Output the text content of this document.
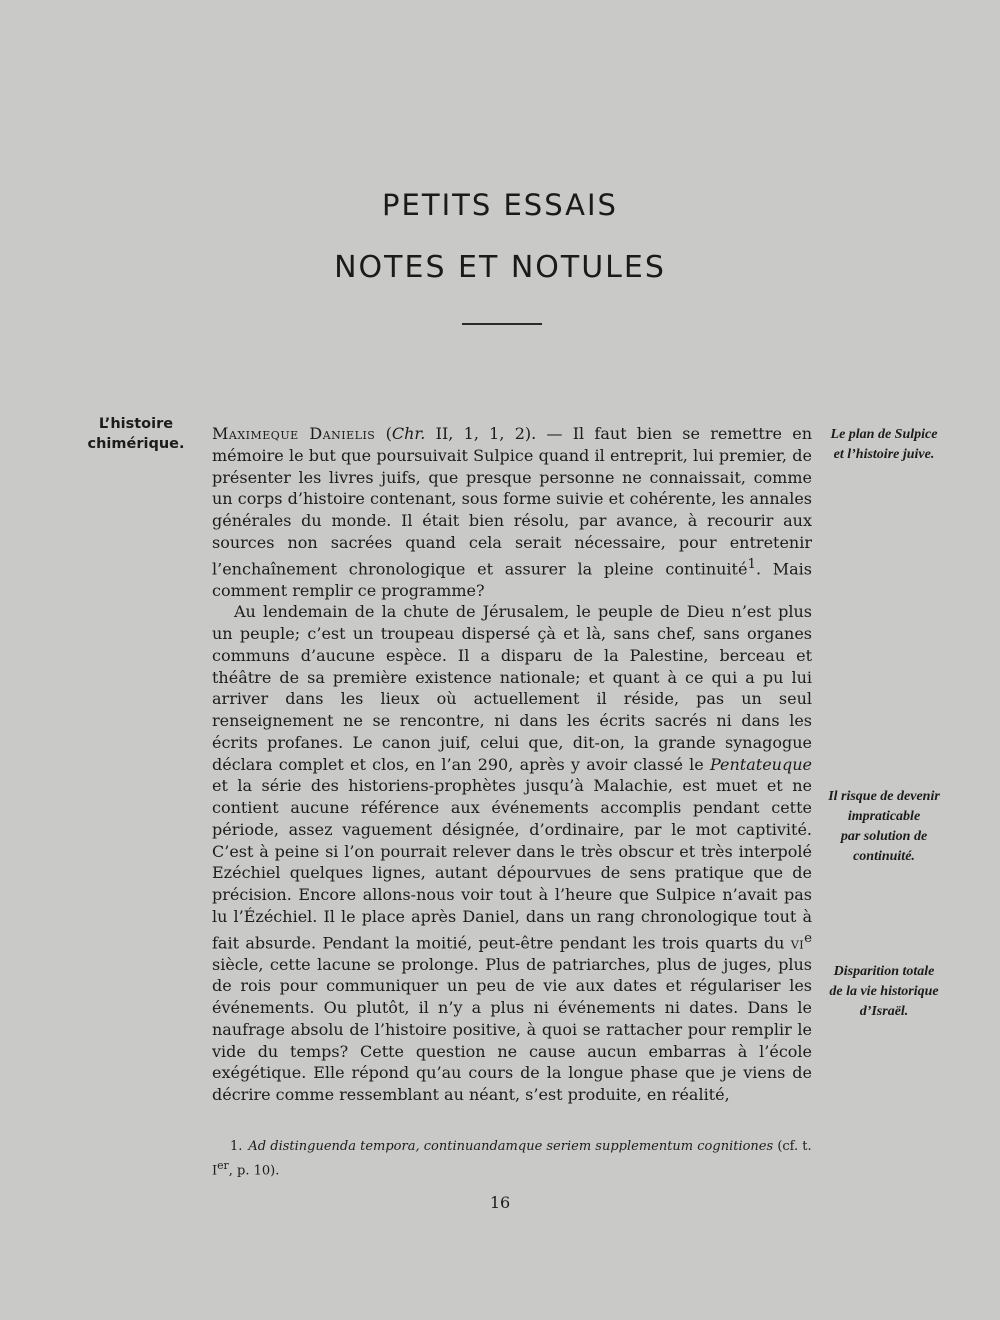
PETITS ESSAIS
NOTES ET NOTULES
L’histoire
chimérique.

Maximeque Danielis (Chr. II, 1, 1, 2). — Il faut bien se remettre en mémoire le but que poursuivait Sulpice quand il entreprit, lui premier, de présenter les livres juifs, que presque personne ne connaissait, comme un corps d’histoire contenant, sous forme suivie et cohérente, les annales générales du monde. Il était bien résolu, par avance, à recourir aux sources non sacrées quand cela serait nécessaire, pour entretenir l’enchaînement chronologique et assurer la pleine continuité$^1$. Mais comment remplir ce programme?

Au lendemain de la chute de Jérusalem, le peuple de Dieu n’est plus un peuple; c’est un troupeau dispersé çà et là, sans chef, sans organes communs d’aucune espèce. Il a disparu de la Palestine, berceau et théâtre de sa première existence nationale; et quant à ce qui a pu lui arriver dans les lieux où actuellement il réside, pas un seul renseignement ne se rencontre, ni dans les écrits sacrés ni dans les écrits profanes. Le canon juif, celui que, dit-on, la grande synagogue déclara complet et clos, en l’an 290, après y avoir classé le Pentateuque et la série des historiens-prophètes jusqu’à Malachie, est muet et ne contient aucune référence aux événements accomplis pendant cette période, assez vaguement désignée, d’ordinaire, par le mot captivité. C’est à peine si l’on pourrait relever dans le très obscur et très interpolé Ezéchiel quelques lignes, autant dépourvues de sens pratique que de précision. Encore allons-nous voir tout à l’heure que Sulpice n’avait pas lu l’Ézéchiel. Il le place après Daniel, dans un rang chronologique tout à fait absurde. Pendant la moitié, peut-être pendant les trois quarts du $vi^e$ siècle, cette lacune se prolonge. Plus de patriarches, plus de juges, plus de rois pour communiquer un peu de vie aux dates et régulariser les événements. Ou plutôt, il n’y a plus ni événements ni dates. Dans le naufrage absolu de l’histoire positive, à quoi se rattacher pour remplir le vide du temps? Cette question ne cause aucun embarras à l’école exégétique. Elle répond qu’au cours de la longue phase que je viens de décrire comme ressemblant au néant, s’est produite, en réalité,

Le plan de Sulpice
et l’histoire juive.
Il risque de devenir
impraticable
par solution de
continuité.
Disparition totale
de la vie historique
d’Israël.
1. Ad distinguenda tempora, continuandamque seriem supplementum cognitiones (cf. t. Ier, p. 10).
16
